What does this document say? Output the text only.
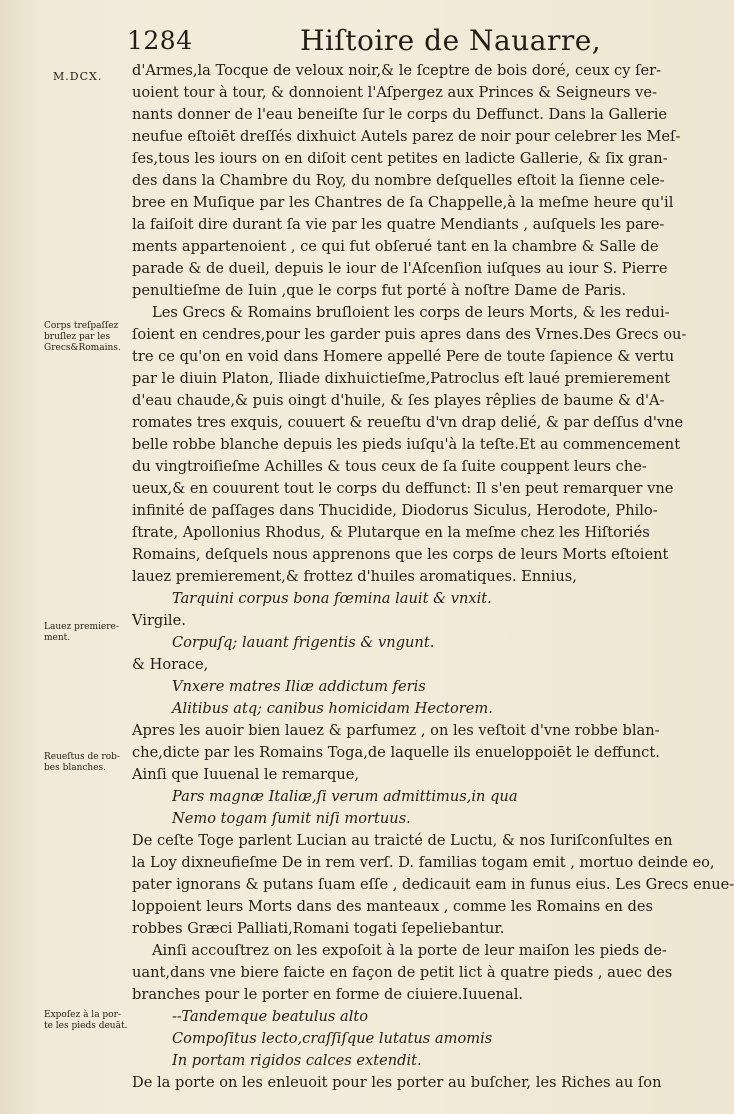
1284	Hiſtoire de Nauarre,
M.DCX.
Corps treſpaſſez
bruſlez par les
Grecs&Romains.
Lauez premiere-
ment.
Reueſtus de rob-
bes blanches.
Expoſez à la por-
te les pieds deuāt.
d'Armes,la Tocque de veloux noir,& le ſceptre de bois doré, ceux cy ſer-
uoient tour à tour, & donnoient l'Aſpergez aux Princes & Seigneurs ve-
nants donner de l'eau beneiſte ſur le corps du Deffunct. Dans la Gallerie
neufue eſtoiēt dreſſés dixhuict Autels parez de noir pour celebrer les Meſ-
ſes,tous les iours on en diſoit cent petites en ladicte Gallerie, & ſix gran-
des dans la Chambre du Roy, du nombre deſquelles eſtoit la ſienne cele-
bree en Muſique par les Chantres de ſa Chappelle,à la meſme heure qu'il
la faiſoit dire durant ſa vie par les quatre Mendiants , auſquels les pare-
ments appartenoient , ce qui fut obſerué tant en la chambre & Salle de
parade & de dueil, depuis le iour de l'Aſcenſion iuſques au iour S. Pierre
penultieſme de Iuin ,que le corps fut porté à noſtre Dame de Paris.
Les Grecs & Romains bruſloient les corps de leurs Morts, & les redui-
ſoient en cendres,pour les garder puis apres dans des Vrnes.Des Grecs ou-
tre ce qu'on en void dans Homere appellé Pere de toute ſapience & vertu
par le diuin Platon, Iliade dixhuictieſme,Patroclus eſt laué premierement
d'eau chaude,& puis oingt d'huile, & ſes playes rêplies de baume & d'A-
romates tres exquis, couuert & reueſtu d'vn drap delié, & par deſſus d'vne
belle robbe blanche depuis les pieds iuſqu'à la teſte.Et au commencement
du vingtroiſieſme Achilles & tous ceux de ſa ſuite couppent leurs che-
ueux,& en couurent tout le corps du deffunct: Il s'en peut remarquer vne
infinité de paſſages dans Thucidide, Diodorus Siculus, Herodote, Philo-
ſtrate, Apollonius Rhodus, & Plutarque en la meſme chez les Hiſtoriés
Romains, deſquels nous apprenons que les corps de leurs Morts eſtoient
lauez premierement,& frottez d'huiles aromatiques. Ennius,
Tarquini corpus bona fœmina lauit & vnxit.
Virgile.
Corpuſq; lauant frigentis & vngunt.
& Horace,
Vnxere matres Iliæ addictum feris
Alitibus atq; canibus homicidam Hectorem.
Apres les auoir bien lauez & parfumez , on les veſtoit d'vne robbe blan-
che,dicte par les Romains Toga,de laquelle ils enueloppoiēt le deffunct.
Ainſi que Iuuenal le remarque,
Pars magnæ Italiæ,ſi verum admittimus,in qua
Nemo togam ſumit niſi mortuus.
De ceſte Toge parlent Lucian au traicté de Luctu, & nos Iuriſconſultes en
la Loy dixneufieſme De in rem verſ. D. familias togam emit , mortuo deinde eo,
pater ignorans & putans ſuam eſſe , dedicauit eam in funus eius. Les Grecs enue-
loppoient leurs Morts dans des manteaux , comme les Romains en des
robbes Græci Palliati,Romani togati ſepeliebantur.
Ainſi accouſtrez on les expoſoit à la porte de leur maiſon les pieds de-
uant,dans vne biere faicte en façon de petit lict à quatre pieds , auec des
branches pour le porter en forme de ciuiere.Iuuenal.
--Tandemque beatulus alto
Compoſitus lecto,craſſiſque lutatus amomis
In portam rigidos calces extendit.
De la porte on les enleuoit pour les porter au buſcher, les Riches au ſon
